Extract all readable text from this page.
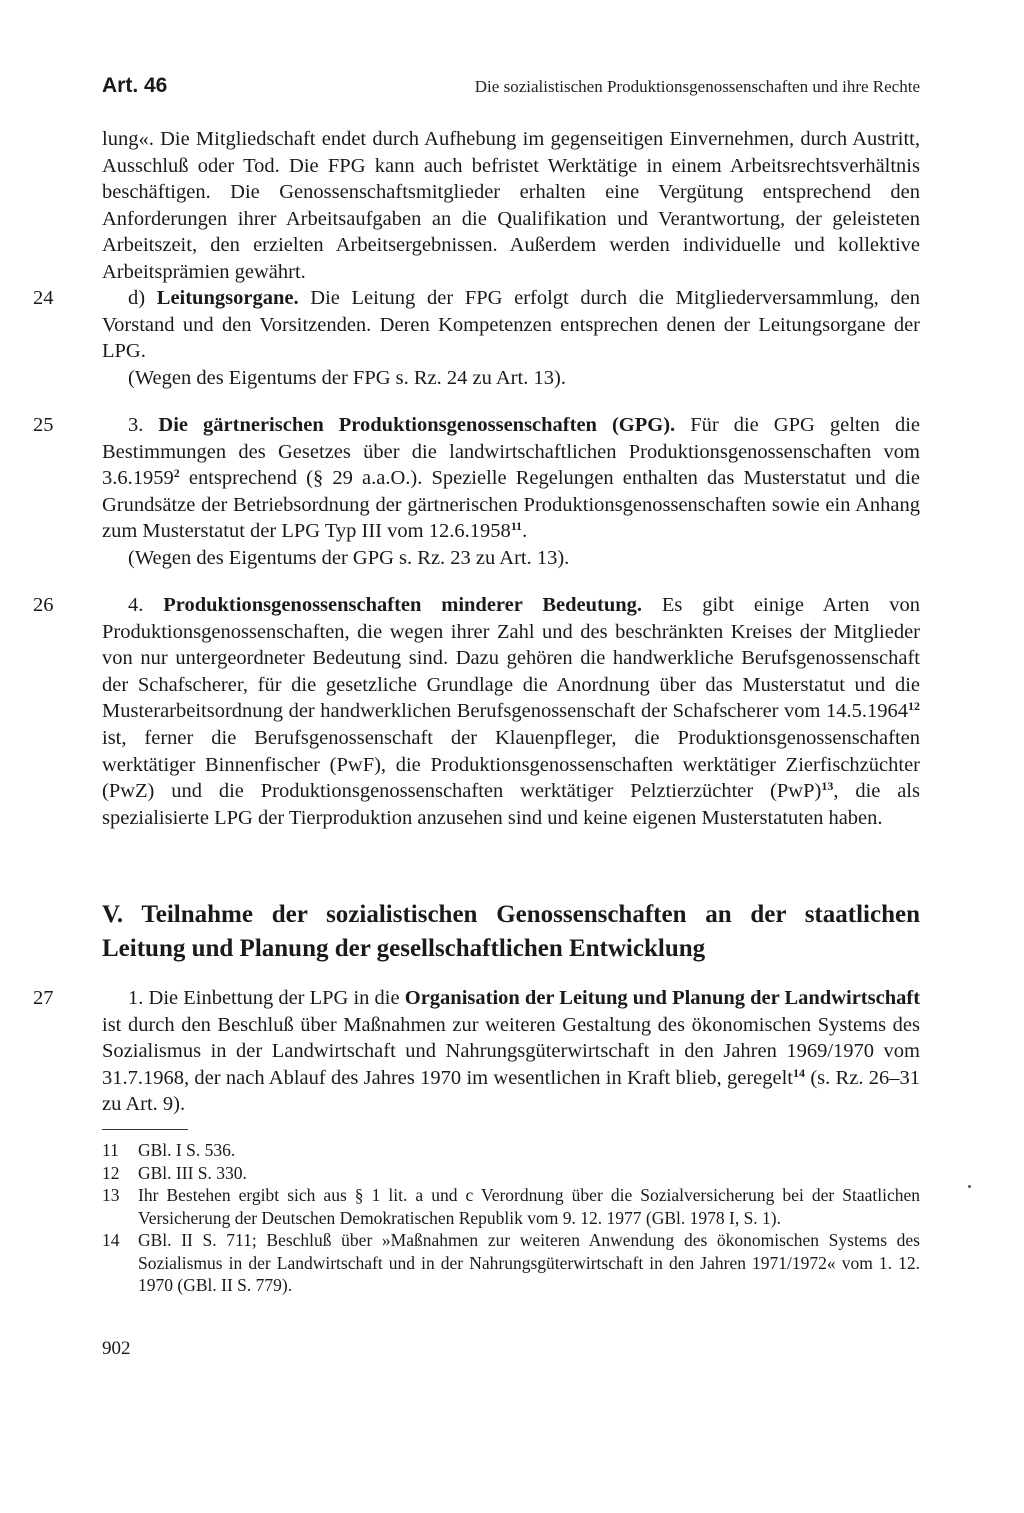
Art. 46	Die sozialistischen Produktionsgenossenschaften und ihre Rechte

lung«. Die Mitgliedschaft endet durch Aufhebung im gegenseitigen Einvernehmen, durch Austritt, Ausschluß oder Tod. Die FPG kann auch befristet Werktätige in einem Arbeitsrechtsverhältnis beschäftigen. Die Genossenschaftsmitglieder erhalten eine Vergütung entsprechend den Anforderungen ihrer Arbeitsaufgaben an die Qualifikation und Verantwortung, der geleisteten Arbeitszeit, den erzielten Arbeitsergebnissen. Außerdem werden individuelle und kollektive Arbeitsprämien gewährt.

24	d) Leitungsorgane. Die Leitung der FPG erfolgt durch die Mitgliederversammlung, den Vorstand und den Vorsitzenden. Deren Kompetenzen entsprechen denen der Leitungsorgane der LPG.

(Wegen des Eigentums der FPG s. Rz. 24 zu Art. 13).

25	3. Die gärtnerischen Produktionsgenossenschaften (GPG). Für die GPG gelten die Bestimmungen des Gesetzes über die landwirtschaftlichen Produktionsgenossenschaften vom 3.6.1959$^2$ entsprechend (§ 29 a.a.O.). Spezielle Regelungen enthalten das Musterstatut und die Grundsätze der Betriebsordnung der gärtnerischen Produktionsgenossenschaften sowie ein Anhang zum Musterstatut der LPG Typ III vom 12.6.1958$^{11}$.

(Wegen des Eigentums der GPG s. Rz. 23 zu Art. 13).

26	4. Produktionsgenossenschaften minderer Bedeutung. Es gibt einige Arten von Produktionsgenossenschaften, die wegen ihrer Zahl und des beschränkten Kreises der Mitglieder von nur untergeordneter Bedeutung sind. Dazu gehören die handwerkliche Berufsgenossenschaft der Schafscherer, für die gesetzliche Grundlage die Anordnung über das Musterstatut und die Musterarbeitsordnung der handwerklichen Berufsgenossenschaft der Schafscherer vom 14.5.1964$^{12}$ ist, ferner die Berufsgenossenschaft der Klauenpfleger, die Produktionsgenossenschaften werktätiger Binnenfischer (PwF), die Produktionsgenossenschaften werktätiger Zierfischzüchter (PwZ) und die Produktionsgenossenschaften werktätiger Pelztierzüchter (PwP)$^{13}$, die als spezialisierte LPG der Tierproduktion anzusehen sind und keine eigenen Musterstatuten haben.

V. Teilnahme der sozialistischen Genossenschaften an der staatlichen Leitung und Planung der gesellschaftlichen Entwicklung
27	1. Die Einbettung der LPG in die Organisation der Leitung und Planung der Landwirtschaft ist durch den Beschluß über Maßnahmen zur weiteren Gestaltung des ökonomischen Systems des Sozialismus in der Landwirtschaft und Nahrungsgüterwirtschaft in den Jahren 1969/1970 vom 31.7.1968, der nach Ablauf des Jahres 1970 im wesentlichen in Kraft blieb, geregelt$^{14}$ (s. Rz. 26–31 zu Art. 9).

11 GBl. I S. 536.
12 GBl. III S. 330.
13 Ihr Bestehen ergibt sich aus § 1 lit. a und c Verordnung über die Sozialversicherung bei der Staatlichen Versicherung der Deutschen Demokratischen Republik vom 9. 12. 1977 (GBl. 1978 I, S. 1).
14 GBl. II S. 711; Beschluß über »Maßnahmen zur weiteren Anwendung des ökonomischen Systems des Sozialismus in der Landwirtschaft und in der Nahrungsgüterwirtschaft in den Jahren 1971/1972« vom 1. 12. 1970 (GBl. II S. 779).
902
